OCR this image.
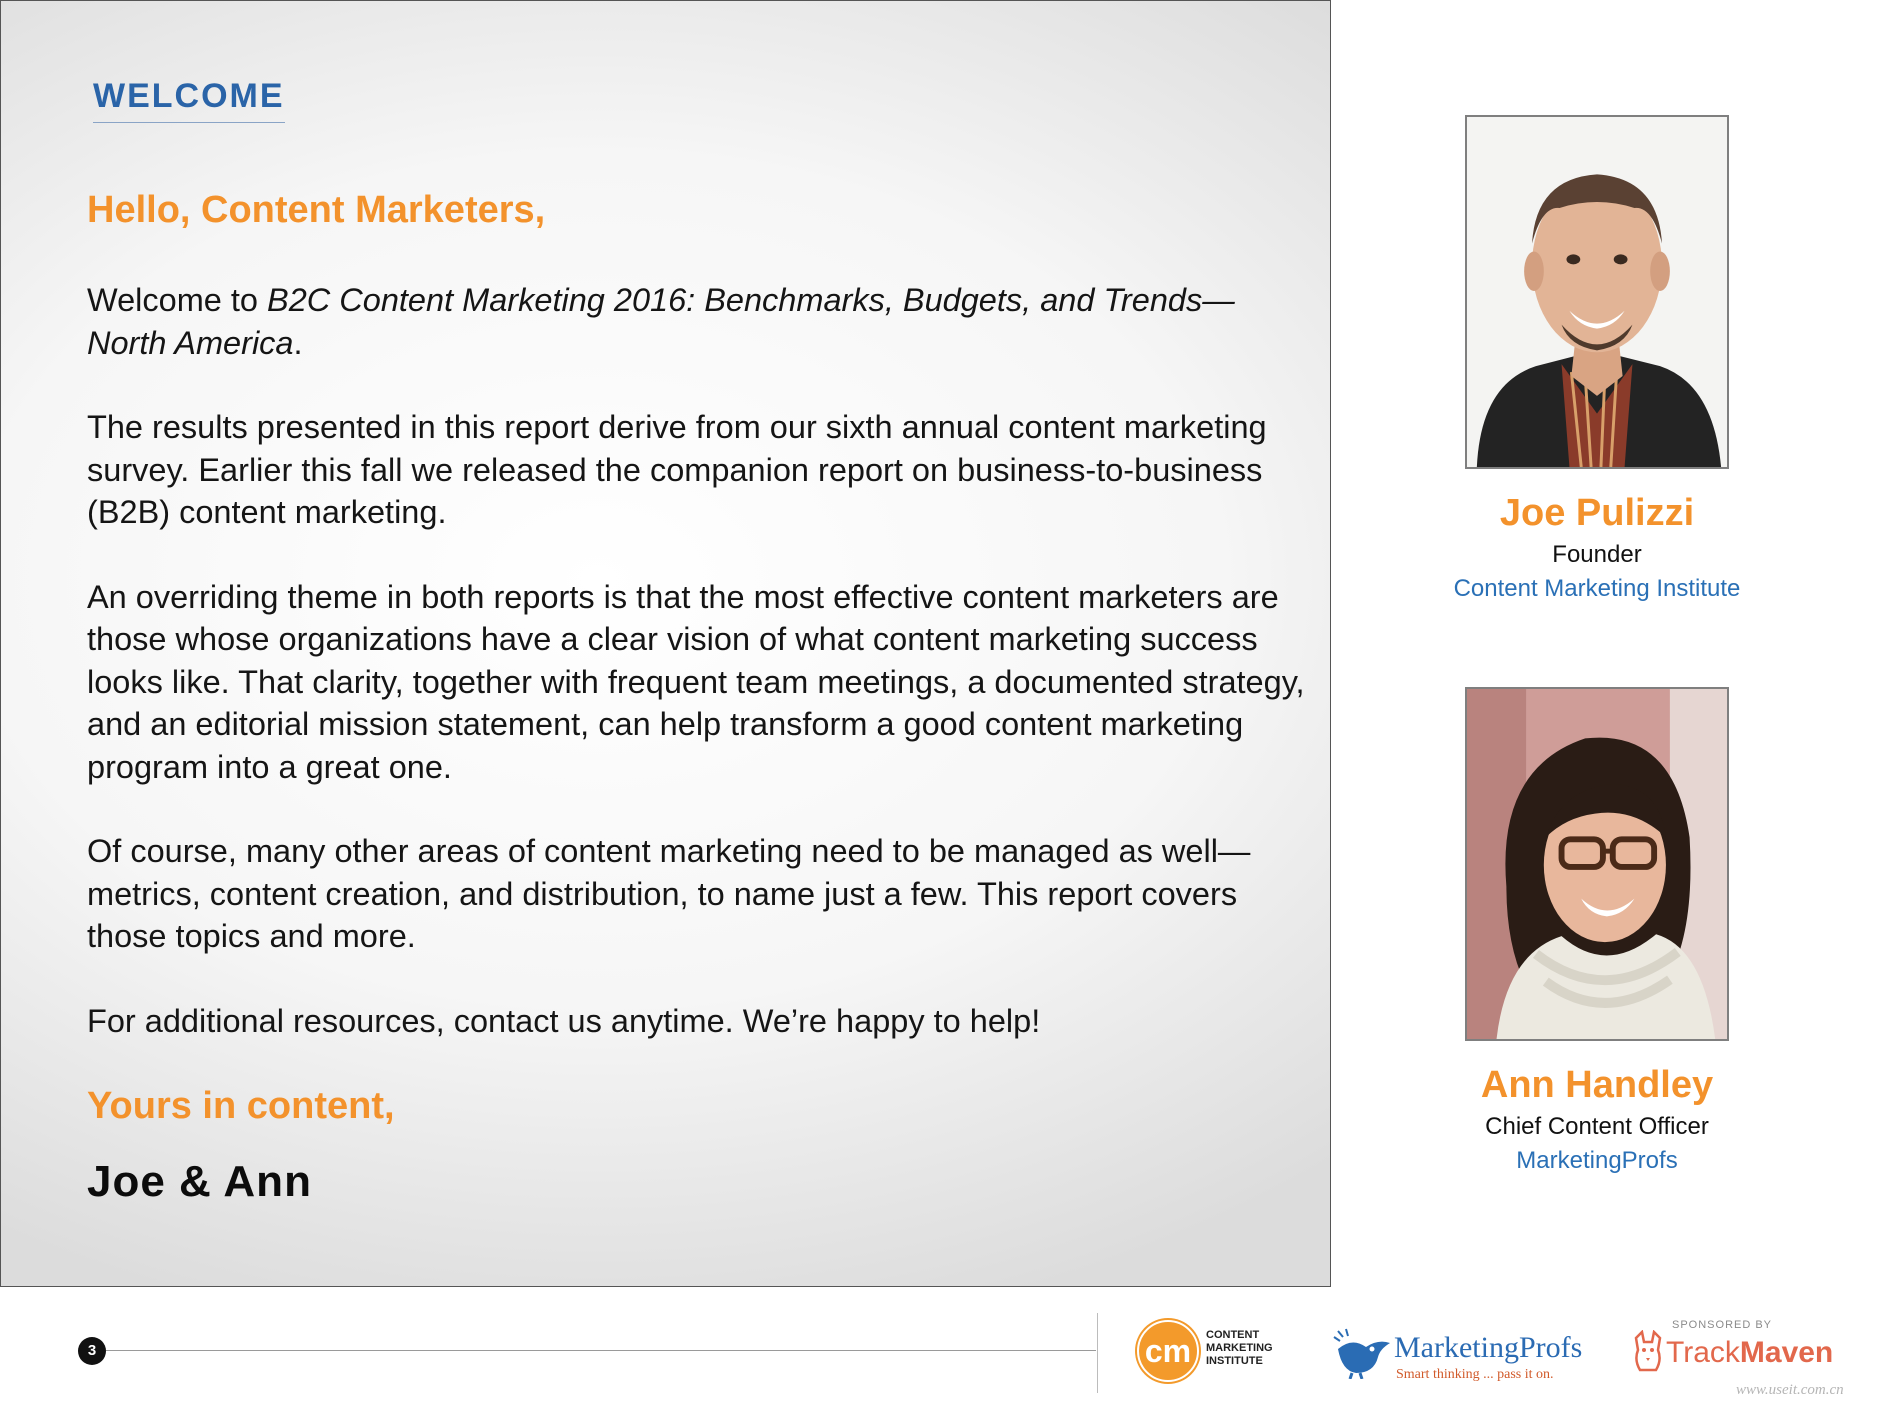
WELCOME
Hello, Content Marketers,

Welcome to B2C Content Marketing 2016: Benchmarks, Budgets, and Trends—North America.

The results presented in this report derive from our sixth annual content marketing survey. Earlier this fall we released the companion report on business-to-business (B2B) content marketing.

An overriding theme in both reports is that the most effective content marketers are those whose organizations have a clear vision of what content marketing success looks like. That clarity, together with frequent team meetings, a documented strategy, and an editorial mission statement, can help transform a good content marketing program into a great one.

Of course, many other areas of content marketing need to be managed as well—metrics, content creation, and distribution, to name just a few. This report covers those topics and more.

For additional resources, contact us anytime. We’re happy to help!

Yours in content,
Joe & Ann
Joe Pulizzi
Founder
Content Marketing Institute
Ann Handley
Chief Content Officer
MarketingProfs
3	cm CONTENT
MARKETING
INSTITUTE	MarketingProfs
Smart thinking ... pass it on.
SPONSORED BY
TrackMaven
www.useit.com.cn
